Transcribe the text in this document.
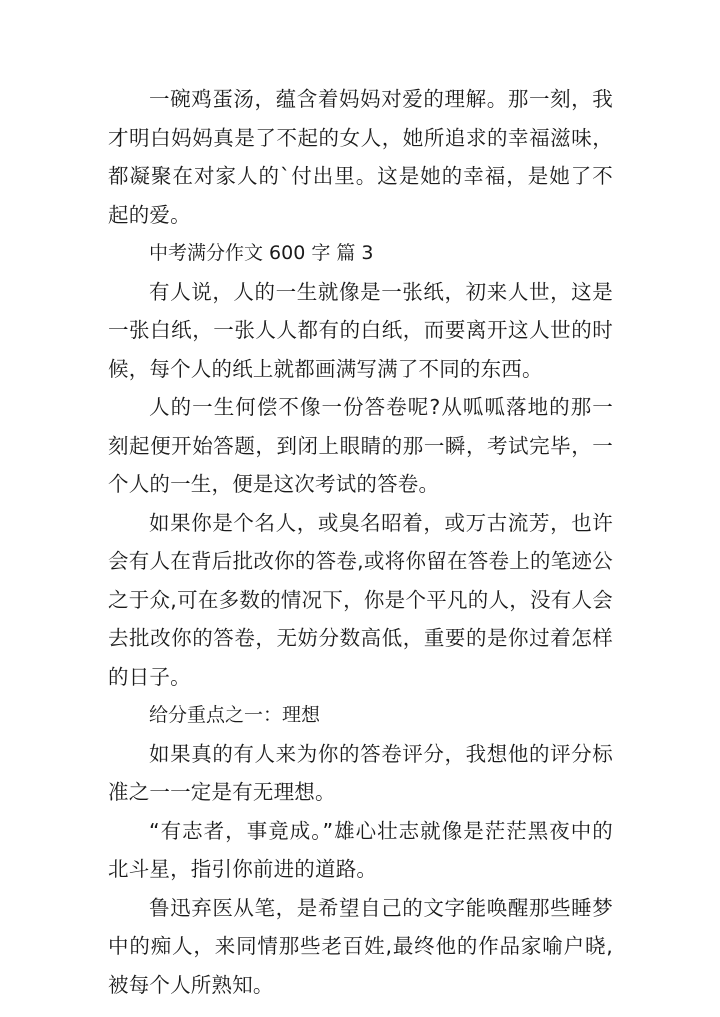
一碗鸡蛋汤，蕴含着妈妈对爱的理解。那一刻，我才明白妈妈真是了不起的女人，她所追求的幸福滋味，都凝聚在对家人的`付出里。这是她的幸福，是她了不起的爱。

中考满分作文 600 字 篇 3

有人说，人的一生就像是一张纸，初来人世，这是一张白纸，一张人人都有的白纸，而要离开这人世的时候，每个人的纸上就都画满写满了不同的东西。

人的一生何偿不像一份答卷呢?从呱呱落地的那一刻起便开始答题，到闭上眼睛的那一瞬，考试完毕，一个人的一生，便是这次考试的答卷。

如果你是个名人，或臭名昭着，或万古流芳，也许会有人在背后批改你的答卷,或将你留在答卷上的笔迹公之于众,可在多数的情况下，你是个平凡的人，没有人会去批改你的答卷，无妨分数高低，重要的是你过着怎样的日子。

给分重点之一：理想

如果真的有人来为你的答卷评分，我想他的评分标准之一一定是有无理想。

“有志者，事竟成。”雄心壮志就像是茫茫黑夜中的北斗星，指引你前进的道路。

鲁迅弃医从笔，是希望自己的文字能唤醒那些睡梦中的痴人，来同情那些老百姓,最终他的作品家喻户晓,被每个人所熟知。
